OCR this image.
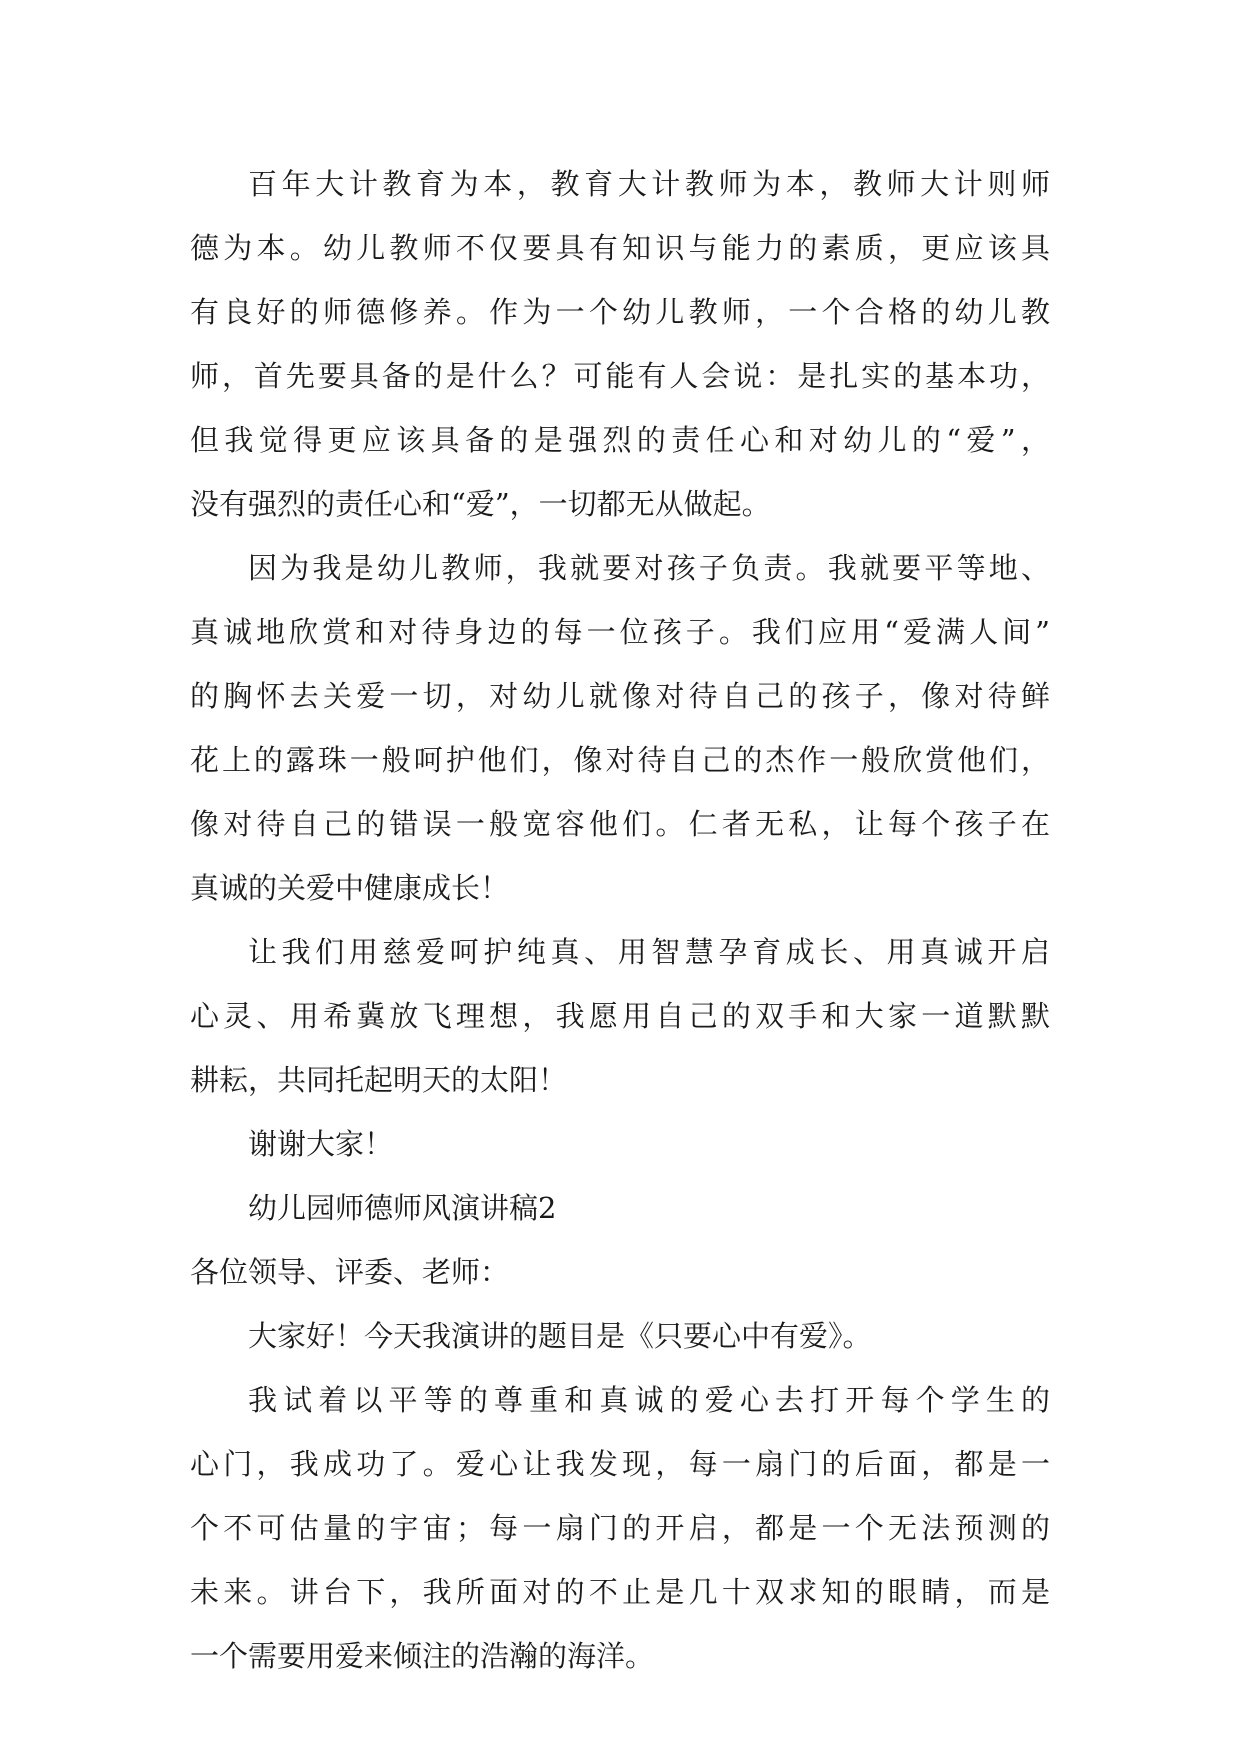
百年大计教育为本，教育大计教师为本，教师大计则师
德为本。幼儿教师不仅要具有知识与能力的素质，更应该具
有良好的师德修养。作为一个幼儿教师，一个合格的幼儿教
师，首先要具备的是什么？可能有人会说：是扎实的基本功，
但我觉得更应该具备的是强烈的责任心和对幼儿的“爱”，
没有强烈的责任心和“爱”，一切都无从做起。
因为我是幼儿教师，我就要对孩子负责。我就要平等地、
真诚地欣赏和对待身边的每一位孩子。我们应用“爱满人间”
的胸怀去关爱一切，对幼儿就像对待自己的孩子，像对待鲜
花上的露珠一般呵护他们，像对待自己的杰作一般欣赏他们，
像对待自己的错误一般宽容他们。仁者无私，让每个孩子在
真诚的关爱中健康成长！
让我们用慈爱呵护纯真、用智慧孕育成长、用真诚开启
心灵、用希冀放飞理想，我愿用自己的双手和大家一道默默
耕耘，共同托起明天的太阳！
谢谢大家！
幼儿园师德师风演讲稿2
各位领导、评委、老师：
大家好！今天我演讲的题目是《只要心中有爱》。
我试着以平等的尊重和真诚的爱心去打开每个学生的
心门，我成功了。爱心让我发现，每一扇门的后面，都是一
个不可估量的宇宙；每一扇门的开启，都是一个无法预测的
未来。讲台下，我所面对的不止是几十双求知的眼睛，而是
一个需要用爱来倾注的浩瀚的海洋。
